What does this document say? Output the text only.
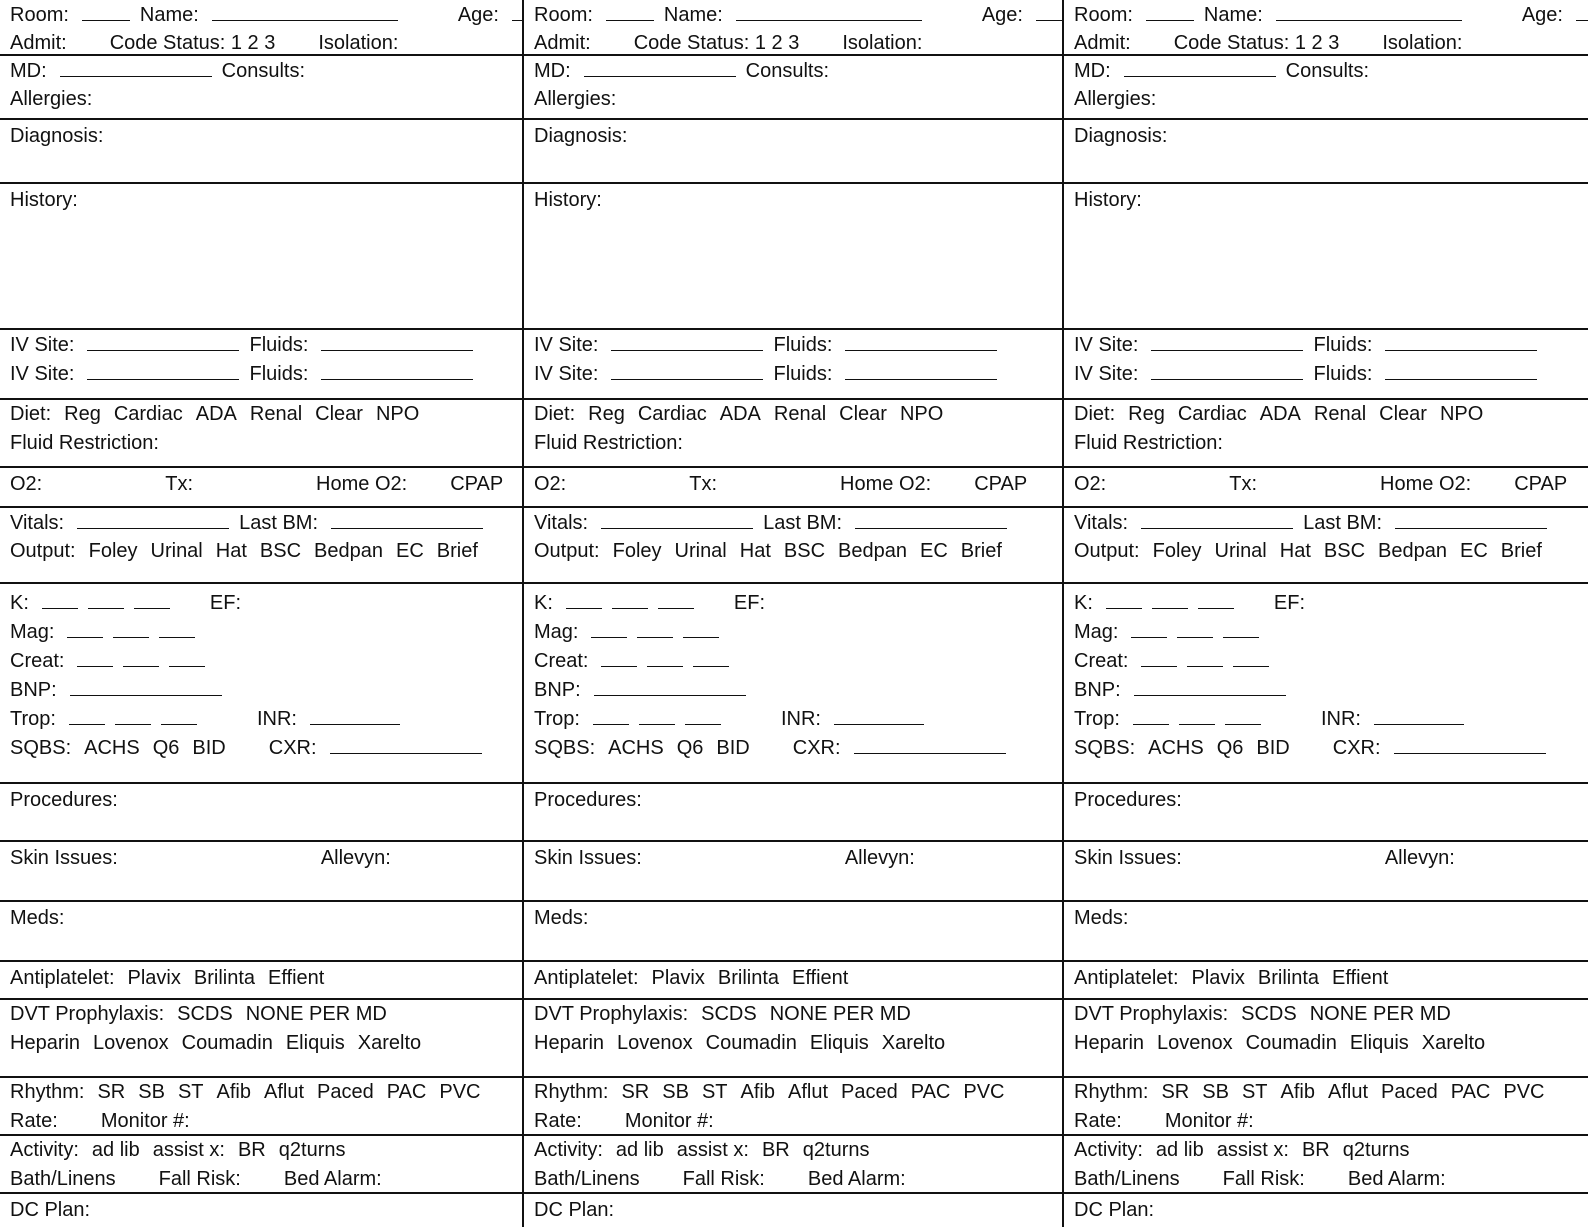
Room:	Name:	Age:
Admit: Code Status: 1 2 3 Isolation:
MD:	Consults:
Allergies:
Diagnosis:
History:
IV Site:	Fluids:
IV Site:	Fluids:
Diet: Reg Cardiac ADA Renal Clear NPO
Fluid Restriction:
O2:	Tx:	Home O2: CPAP
Vitals:	Last BM:
Output: Foley Urinal Hat BSC Bedpan EC Brief
K:	EF:
Mag:
Creat:
BNP:
Trop:	INR:
SQBS: ACHS Q6 BID CXR:
Procedures:
Skin Issues:	Allevyn:
Meds:
Antiplatelet: Plavix Brilinta Effient
DVT Prophylaxis: SCDS NONE PER MD
Heparin Lovenox Coumadin Eliquis Xarelto
Rhythm: SR SB ST Afib Aflut Paced PAC PVC
Rate: Monitor #:
Activity: ad lib assist x: BR q2turns
Bath/Linens Fall Risk: Bed Alarm:
DC Plan:
Room:	Name:	Age:
Admit: Code Status: 1 2 3 Isolation:
MD:	Consults:
Allergies:
Diagnosis:
History:
IV Site:	Fluids:
IV Site:	Fluids:
Diet: Reg Cardiac ADA Renal Clear NPO
Fluid Restriction:
O2:	Tx:	Home O2: CPAP
Vitals:	Last BM:
Output: Foley Urinal Hat BSC Bedpan EC Brief
K:	EF:
Mag:
Creat:
BNP:
Trop:	INR:
SQBS: ACHS Q6 BID CXR:
Procedures:
Skin Issues:	Allevyn:
Meds:
Antiplatelet: Plavix Brilinta Effient
DVT Prophylaxis: SCDS NONE PER MD
Heparin Lovenox Coumadin Eliquis Xarelto
Rhythm: SR SB ST Afib Aflut Paced PAC PVC
Rate: Monitor #:
Activity: ad lib assist x: BR q2turns
Bath/Linens Fall Risk: Bed Alarm:
DC Plan:
Room:	Name:	Age:
Admit: Code Status: 1 2 3 Isolation:
MD:	Consults:
Allergies:
Diagnosis:
History:
IV Site:	Fluids:
IV Site:	Fluids:
Diet: Reg Cardiac ADA Renal Clear NPO
Fluid Restriction:
O2:	Tx:	Home O2: CPAP
Vitals:	Last BM:
Output: Foley Urinal Hat BSC Bedpan EC Brief
K:	EF:
Mag:
Creat:
BNP:
Trop:	INR:
SQBS: ACHS Q6 BID CXR:
Procedures:
Skin Issues:	Allevyn:
Meds:
Antiplatelet: Plavix Brilinta Effient
DVT Prophylaxis: SCDS NONE PER MD
Heparin Lovenox Coumadin Eliquis Xarelto
Rhythm: SR SB ST Afib Aflut Paced PAC PVC
Rate: Monitor #:
Activity: ad lib assist x: BR q2turns
Bath/Linens Fall Risk: Bed Alarm:
DC Plan:
